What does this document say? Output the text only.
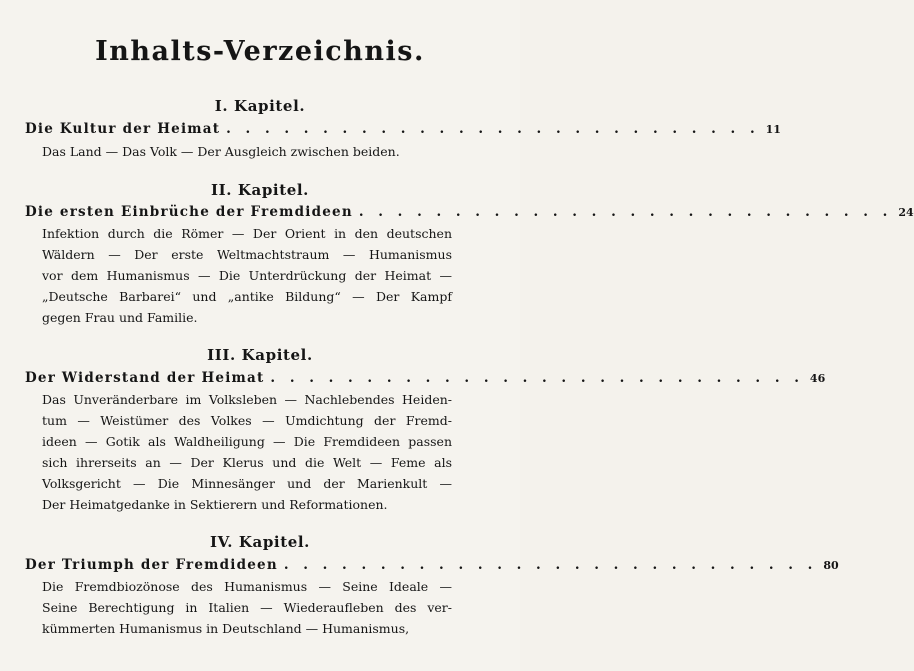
Inhalts-Verzeichnis.
I. Kapitel.
Die Kultur der Heimat . . . . . . . . . . . . . . . . . . . . . . . . . . . . 11
Das Land — Das Volk — Der Ausgleich zwischen beiden.
II. Kapitel.
Die ersten Einbrüche der Fremdideen . . . . . . . . . . . . . . . . . . . . . . . . . . . . 24
Infektion durch die Römer — Der Orient in den deutschen
Wäldern — Der erste Weltmachtstraum — Humanismus
vor dem Humanismus — Die Unterdrückung der Heimat —
„Deutsche Barbarei“ und „antike Bildung“ — Der Kampf
gegen Frau und Familie.
III. Kapitel.
Der Widerstand der Heimat . . . . . . . . . . . . . . . . . . . . . . . . . . . . 46
Das Unveränderbare im Volksleben — Nachlebendes Heiden-
tum — Weistümer des Volkes — Umdichtung der Fremd-
ideen — Gotik als Waldheiligung — Die Fremdideen passen
sich ihrerseits an — Der Klerus und die Welt — Feme als
Volksgericht — Die Minnesänger und der Marienkult —
Der Heimatgedanke in Sektierern und Reformationen.
IV. Kapitel.
Der Triumph der Fremdideen . . . . . . . . . . . . . . . . . . . . . . . . . . . . 80
Die Fremdbiozönose des Humanismus — Seine Ideale —
Seine Berechtigung in Italien — Wiederaufleben des ver-
kümmerten Humanismus in Deutschland — Humanismus,
